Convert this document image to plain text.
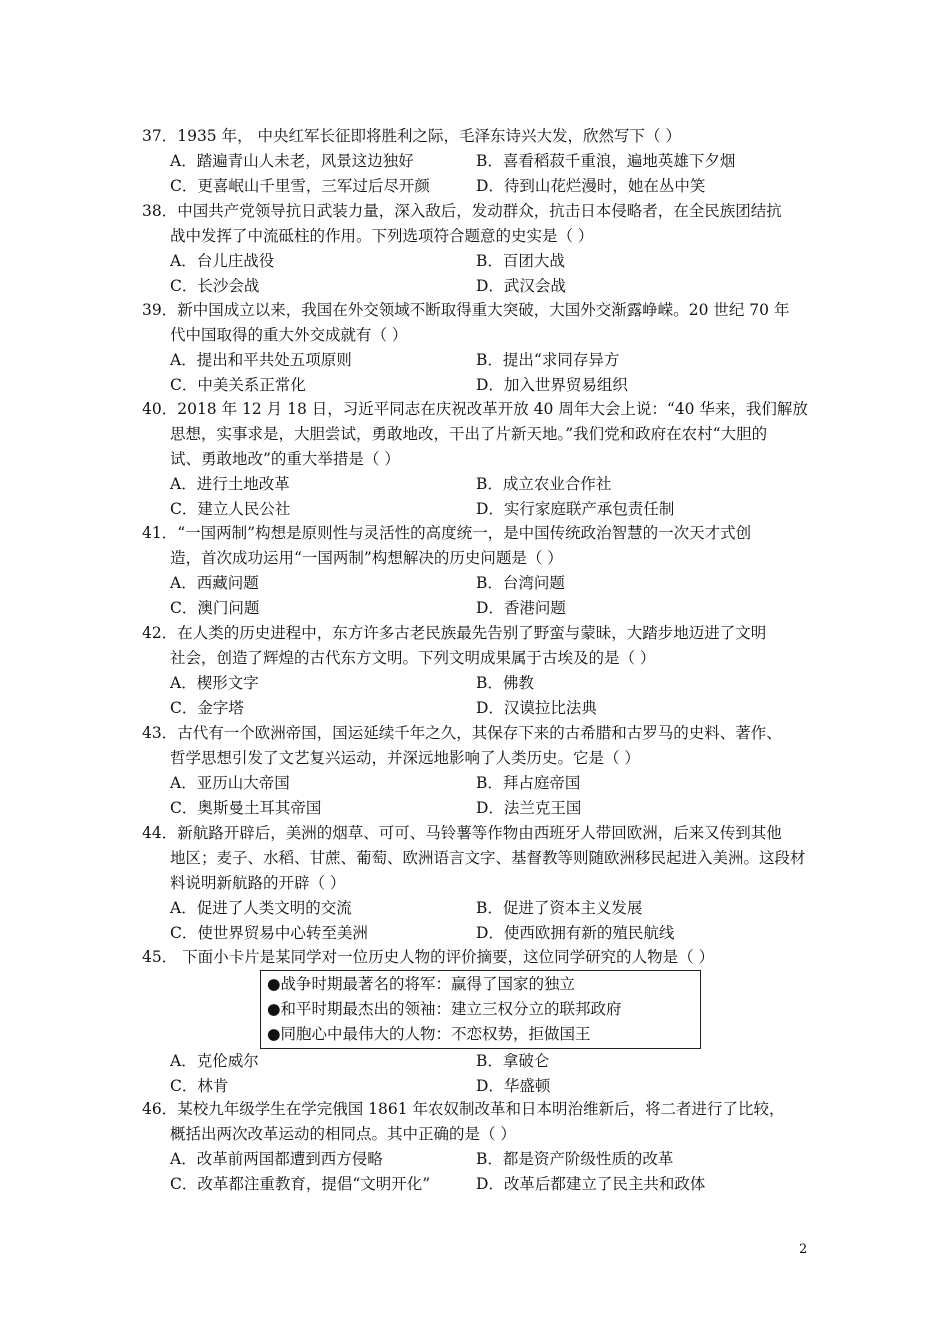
37．1935 年， 中央红军长征即将胜利之际，毛泽东诗兴大发，欣然写下（ ）
A．踏遍青山人未老，风景这边独好	B．喜看稻菽千重浪，遍地英雄下夕烟
C．更喜岷山千里雪，三军过后尽开颜	D．待到山花烂漫时，她在丛中笑
38．中国共产党领导抗日武装力量，深入敌后，发动群众，抗击日本侵略者，在全民族团结抗
战中发挥了中流砥柱的作用。下列选项符合题意的史实是（ ）
A．台儿庄战役	B．百团大战
C．长沙会战	D．武汉会战
39．新中国成立以来，我国在外交领域不断取得重大突破，大国外交渐露峥嵘。20 世纪 70 年
代中国取得的重大外交成就有（ ）
A．提出和平共处五项原则	B．提出“求同存异方
C．中美关系正常化	D．加入世界贸易组织
40．2018 年 12 月 18 日，习近平同志在庆祝改革开放 40 周年大会上说：“40 华来，我们解放
思想，实事求是，大胆尝试，勇敢地改，干出了片新天地。”我们党和政府在农村“大胆的
试、勇敢地改”的重大举措是（ ）
A．进行土地改革	B．成立农业合作社
C．建立人民公社	D．实行家庭联产承包责任制
41．“一国两制”构想是原则性与灵活性的高度统一，是中国传统政治智慧的一次天才式创
造，首次成功运用“一国两制”构想解决的历史问题是（ ）
A．西藏问题	B．台湾问题
C．澳门问题	D．香港问题
42．在人类的历史进程中，东方许多古老民族最先告别了野蛮与蒙昧，大踏步地迈进了文明
社会，创造了辉煌的古代东方文明。下列文明成果属于古埃及的是（ ）
A．楔形文字	B．佛教
C．金字塔	D．汉谟拉比法典
43．古代有一个欧洲帝国，国运延续千年之久，其保存下来的古希腊和古罗马的史料、著作、
哲学思想引发了文艺复兴运动，并深远地影响了人类历史。它是（ ）
A．亚历山大帝国	B．拜占庭帝国
C．奥斯曼土耳其帝国	D．法兰克王国
44．新航路开辟后，美洲的烟草、可可、马铃薯等作物由西班牙人带回欧洲，后来又传到其他
地区；麦子、水稻、甘蔗、葡萄、欧洲语言文字、基督教等则随欧洲移民起进入美洲。这段材
料说明新航路的开辟（ ）
A．促进了人类文明的交流	B．促进了资本主义发展
C．使世界贸易中心转至美洲	D．使西欧拥有新的殖民航线
45． 下面小卡片是某同学对一位历史人物的评价摘要，这位同学研究的人物是（ ）
●战争时期最著名的将军：赢得了国家的独立
●和平时期最杰出的领袖：建立三权分立的联邦政府
●同胞心中最伟大的人物：不恋权势，拒做国王
A．克伦威尔	B．拿破仑
C．林肯	D．华盛顿
46．某校九年级学生在学完俄国 1861 年农奴制改革和日本明治维新后，将二者进行了比较，
概括出两次改革运动的相同点。其中正确的是（ ）
A．改革前两国都遭到西方侵略	B．都是资产阶级性质的改革
C．改革都注重教育，提倡“文明开化”	D．改革后都建立了民主共和政体
2
